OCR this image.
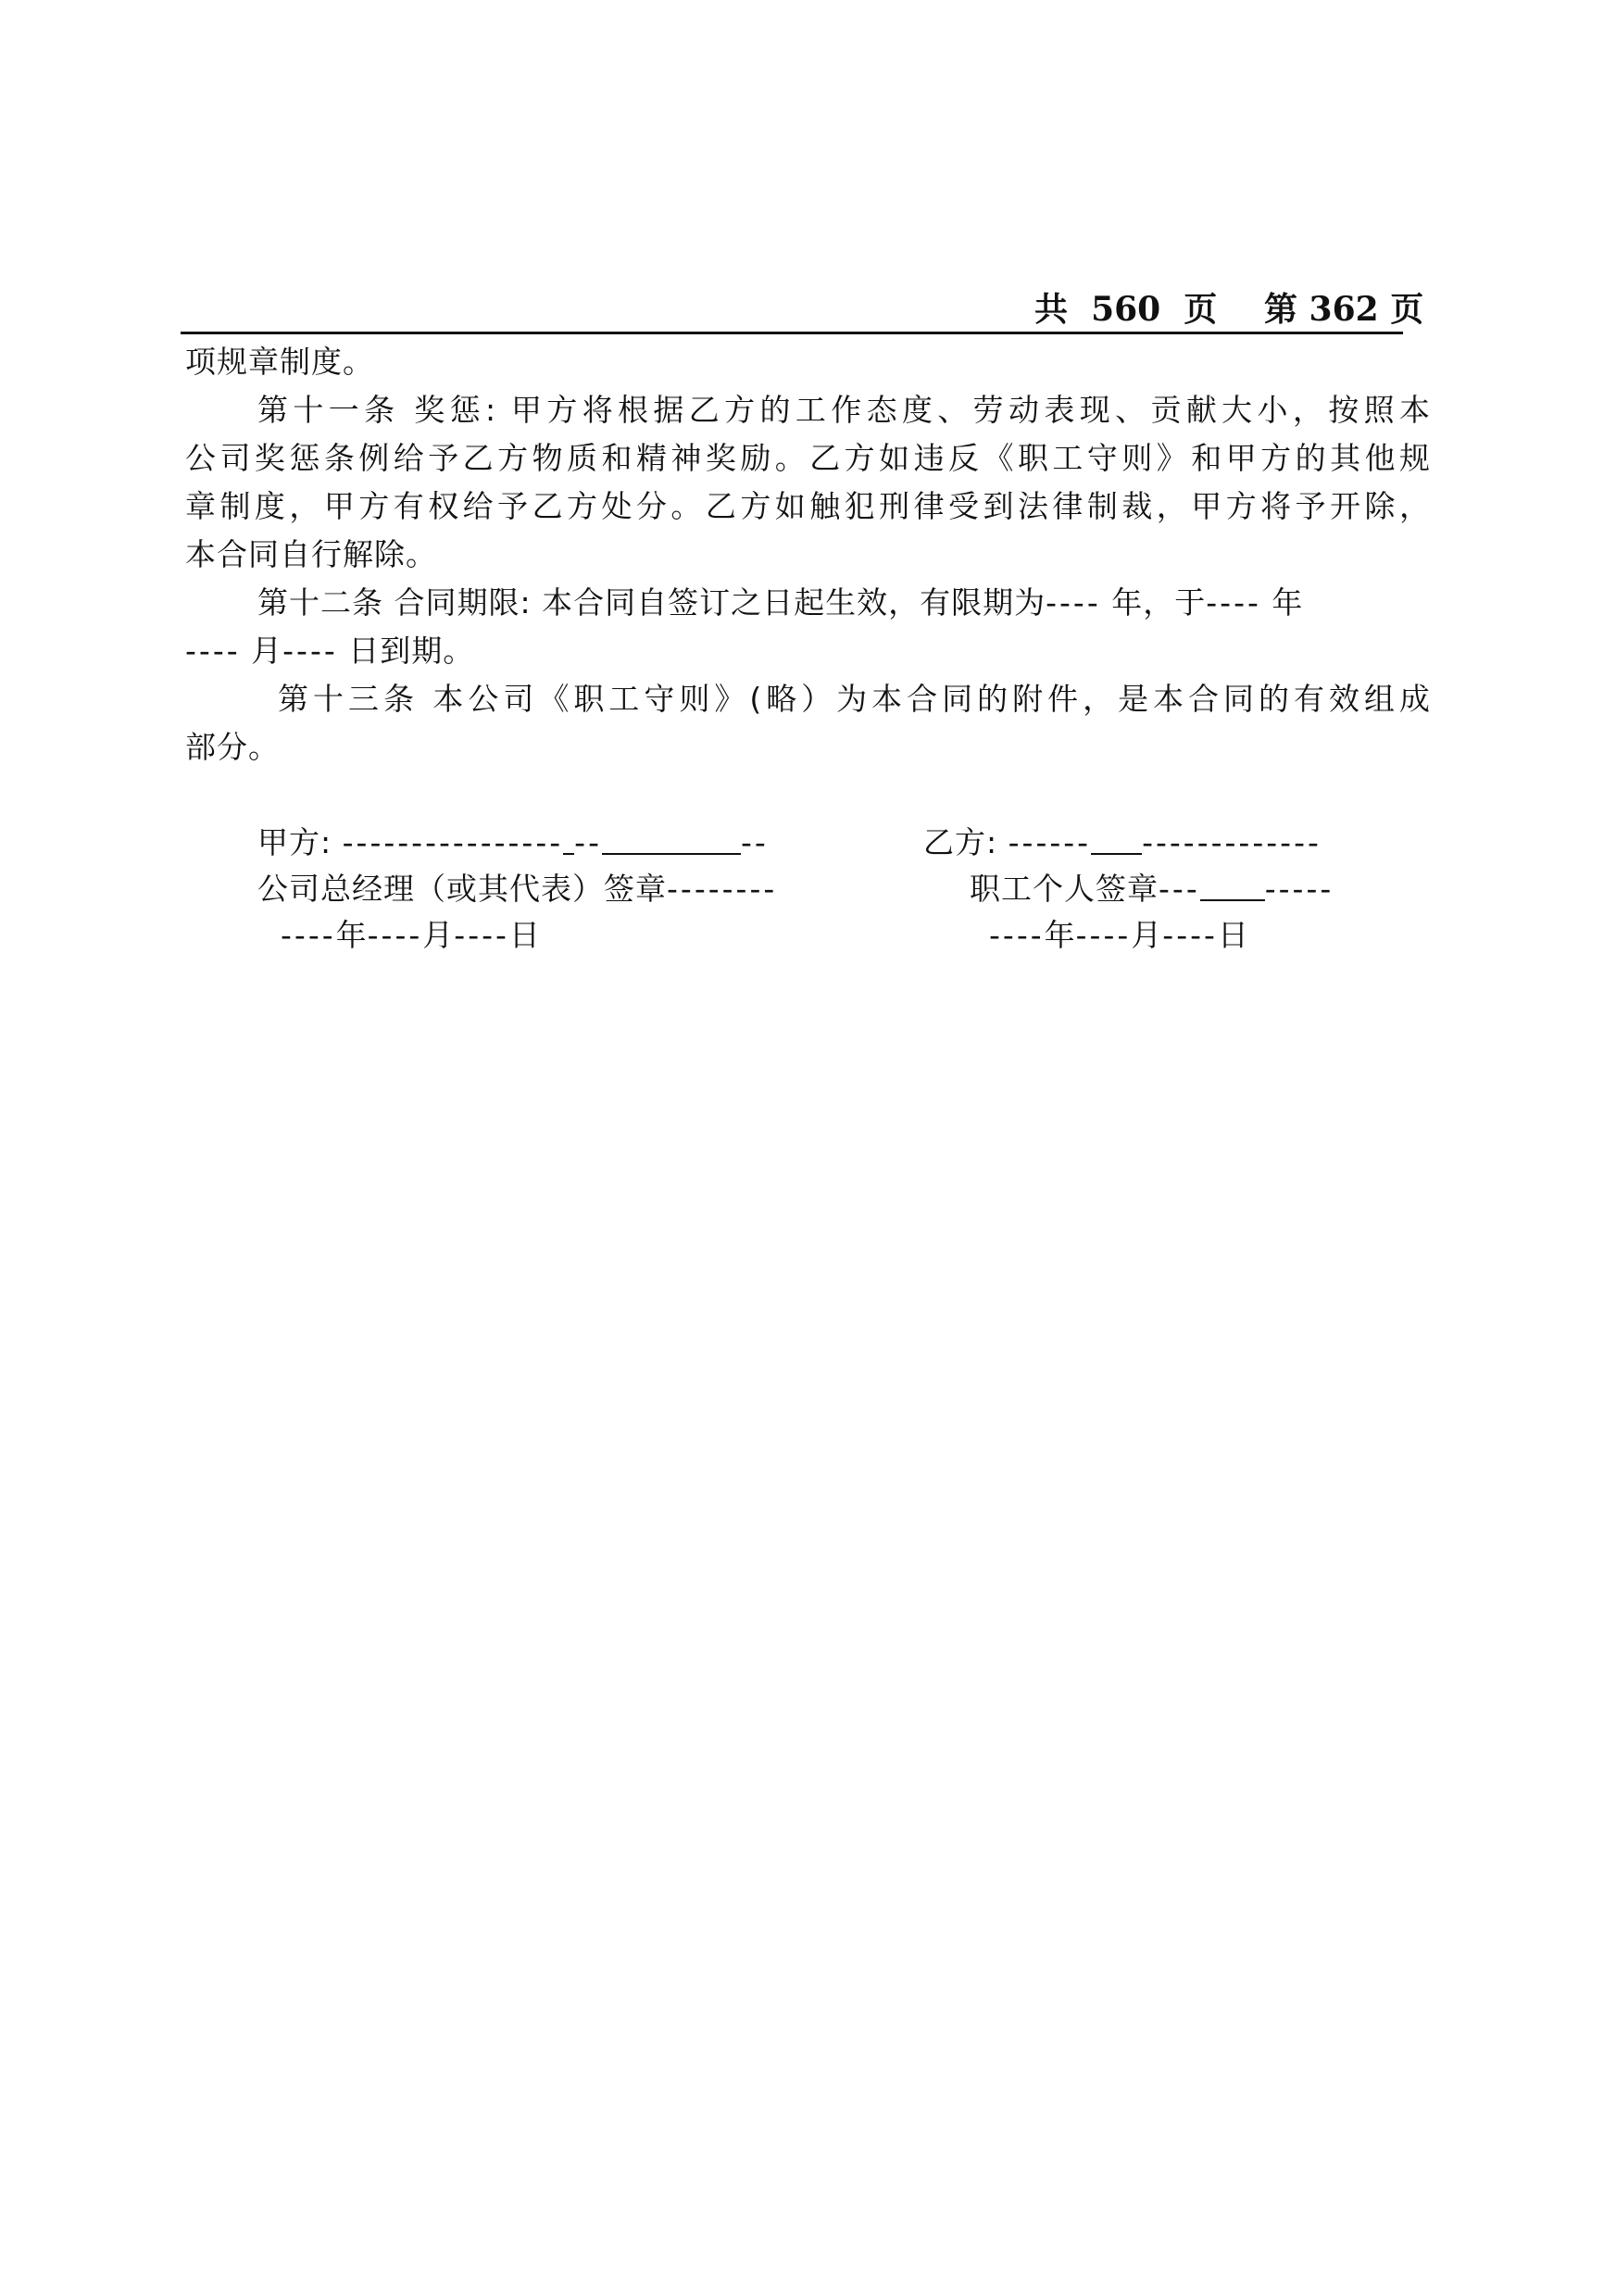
共  560  页 第 362 页
项规章制度。
第十一条 奖惩: 甲方将根据乙方的工作态度、劳动表现、贡献大小，按照本
公司奖惩条例给予乙方物质和精神奖励。乙方如违反《职工守则》和甲方的其他规
章制度，甲方有权给予乙方处分。乙方如触犯刑律受到法律制裁，甲方将予开除，
本合同自行解除。
第十二条 合同期限: 本合同自签订之日起生效，有限期为---- 年，于---- 年
---- 月---- 日到期。
第十三条 本公司《职工守则》(略）为本合同的附件，是本合同的有效组成
部分。
甲方: ---------------- --	--
公司总经理（或其代表）签章--------
----年----月----日
乙方: ------ -------------
职工个人签章--- -----
----年----月----日
